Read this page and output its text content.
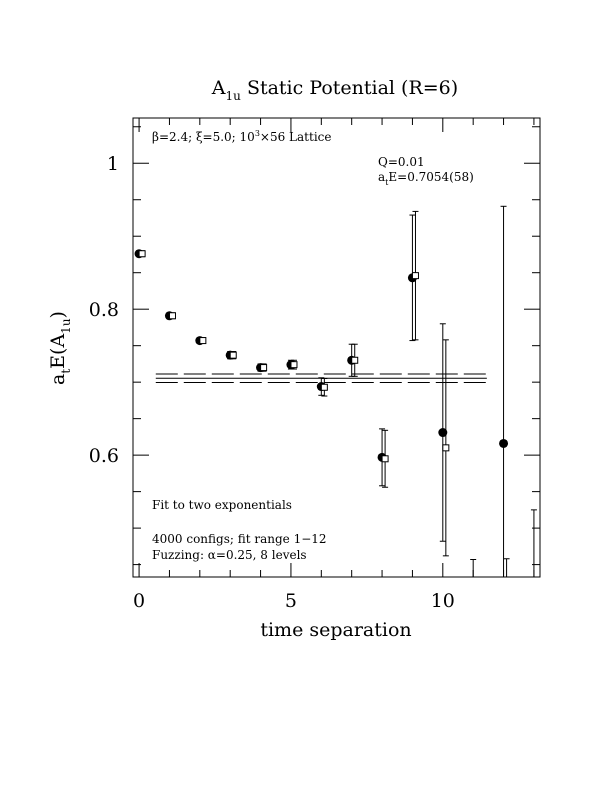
$A_{1u}$ Static Potential (R=6)
0	5	10
0.6
0.8
1
β=2.4; ξ=5.0; $10^3\times 56$ Lattice
Q=0.01
$a_tE=0.7054(58)$
Fit to two exponentials
4000 configs; fit range 1−12
Fuzzing: α=0.25, 8 levels
time separation
$a_tE(A_{1u})$
